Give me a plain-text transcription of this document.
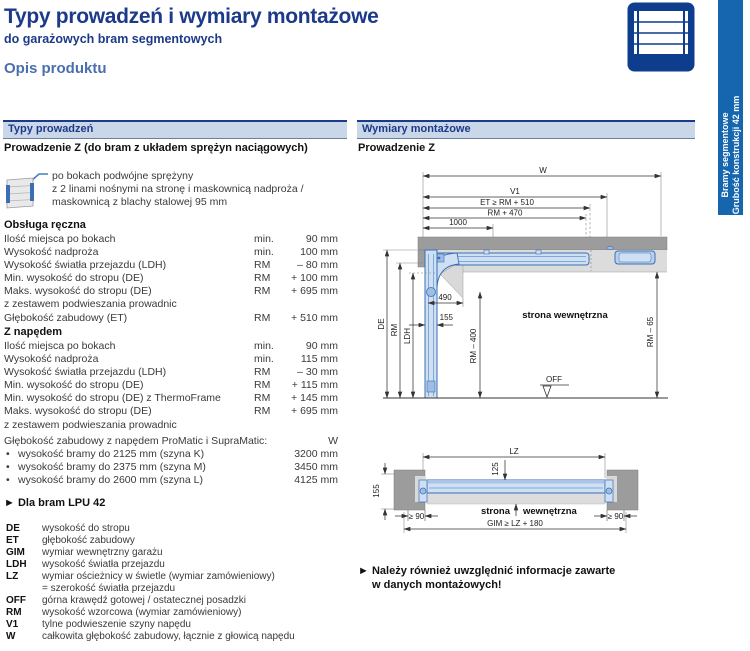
Typy prowadzeń i wymiary montażowe
do garażowych bram segmentowych
Opis produktu
Bramy segmentowe Grubość konstrukcji 42 mm
Typy prowadzeń
Prowadzenie Z (do bram z układem sprężyn naciągowych)
po bokach podwójne sprężyny
z 2 linami nośnymi na stronę i maskownicą nadproża /
maskownicą z blachy stalowej 95 mm
Obsługa ręczna
Ilość miejsca po bokach	min.	90 mm
Wysokość nadproża	min.	100 mm
Wysokość światła przejazdu (LDH)	RM	– 80 mm
Min. wysokość do stropu (DE)	RM	+ 100 mm
Maks. wysokość do stropu (DE)	RM	+ 695 mm
z zestawem podwieszania prowadnic
Głębokość zabudowy (ET)	RM	+ 510 mm
Z napędem
Ilość miejsca po bokach	min.	90 mm
Wysokość nadproża	min.	115 mm
Wysokość światła przejazdu (LDH)	RM	– 30 mm
Min. wysokość do stropu (DE)	RM	+ 115 mm
Min. wysokość do stropu (DE) z ThermoFrame	RM	+ 145 mm
Maks. wysokość do stropu (DE)	RM	+ 695 mm
z zestawem podwieszania prowadnic
Głębokość zabudowy z napędem ProMatic i SupraMatic:	W
• wysokość bramy do 2125 mm (szyna K)	3200 mm
• wysokość bramy do 2375 mm (szyna M)	3450 mm
• wysokość bramy do 2600 mm (szyna L)	4125 mm
► Dla bram LPU 42
DE	wysokość do stropu
ET	głębokość zabudowy
GIM	wymiar wewnętrzny garażu
LDH	wysokość światła przejazdu
LZ	wymiar ościeżnicy w świetle (wymiar zamówieniowy)
= szerokość światła przejazdu
OFF	górna krawędź gotowej / ostatecznej posadzki
RM	wysokość wzorcowa (wymiar zamówieniowy)
V1	tylne podwieszenie szyny napędu
W	całkowita głębokość zabudowy, łącznie z głowicą napędu
Wymiary montażowe
Prowadzenie Z
W
V1
ET ≥ RM + 510
RM + 470
1000
DE RM LDH
490
155
RM – 400	RM – 65
strona wewnętrzna
OFF
LZ
155
125
strona wewnętrzna
≥ 90	≥ 90
GIM ≥ LZ + 180
► Należy również uwzględnić informacje zawarte
w danych montażowych!
